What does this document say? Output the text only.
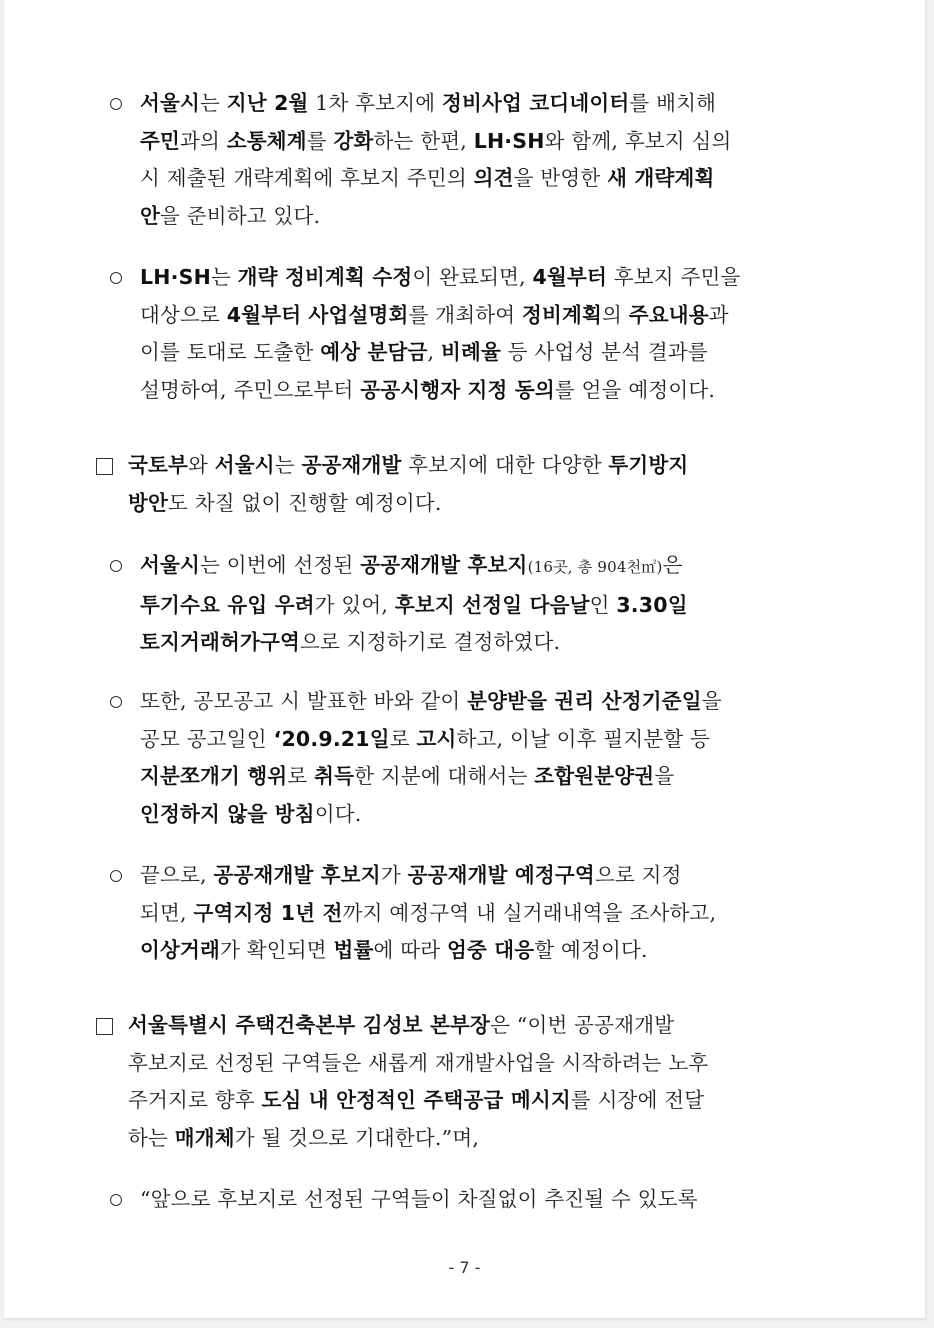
서울시는 지난 2월 1차 후보지에 정비사업 코디네이터를 배치해
주민과의 소통체계를 강화하는 한편, LH·SH와 함께, 후보지 심의
시 제출된 개략계획에 후보지 주민의 의견을 반영한 새 개략계획
안을 준비하고 있다.
LH·SH는 개략 정비계획 수정이 완료되면, 4월부터 후보지 주민을
대상으로 4월부터 사업설명회를 개최하여 정비계획의 주요내용과
이를 토대로 도출한 예상 분담금, 비례율 등 사업성 분석 결과를
설명하여, 주민으로부터 공공시행자 지정 동의를 얻을 예정이다.
국토부와 서울시는 공공재개발 후보지에 대한 다양한 투기방지
방안도 차질 없이 진행할 예정이다.
서울시는 이번에 선정된 공공재개발 후보지(16곳, 총 904천㎡)은
투기수요 유입 우려가 있어, 후보지 선정일 다음날인 3.30일
토지거래허가구역으로 지정하기로 결정하였다.
또한, 공모공고 시 발표한 바와 같이 분양받을 권리 산정기준일을
공모 공고일인 ‘20.9.21일로 고시하고, 이날 이후 필지분할 등
지분쪼개기 행위로 취득한 지분에 대해서는 조합원분양권을
인정하지 않을 방침이다.
끝으로, 공공재개발 후보지가 공공재개발 예정구역으로 지정
되면, 구역지정 1년 전까지 예정구역 내 실거래내역을 조사하고,
이상거래가 확인되면 법률에 따라 엄중 대응할 예정이다.
서울특별시 주택건축본부 김성보 본부장은 “이번 공공재개발
후보지로 선정된 구역들은 새롭게 재개발사업을 시작하려는 노후
주거지로 향후 도심 내 안정적인 주택공급 메시지를 시장에 전달
하는 매개체가 될 것으로 기대한다.”며,
“앞으로 후보지로 선정된 구역들이 차질없이 추진될 수 있도록
- 7 -
